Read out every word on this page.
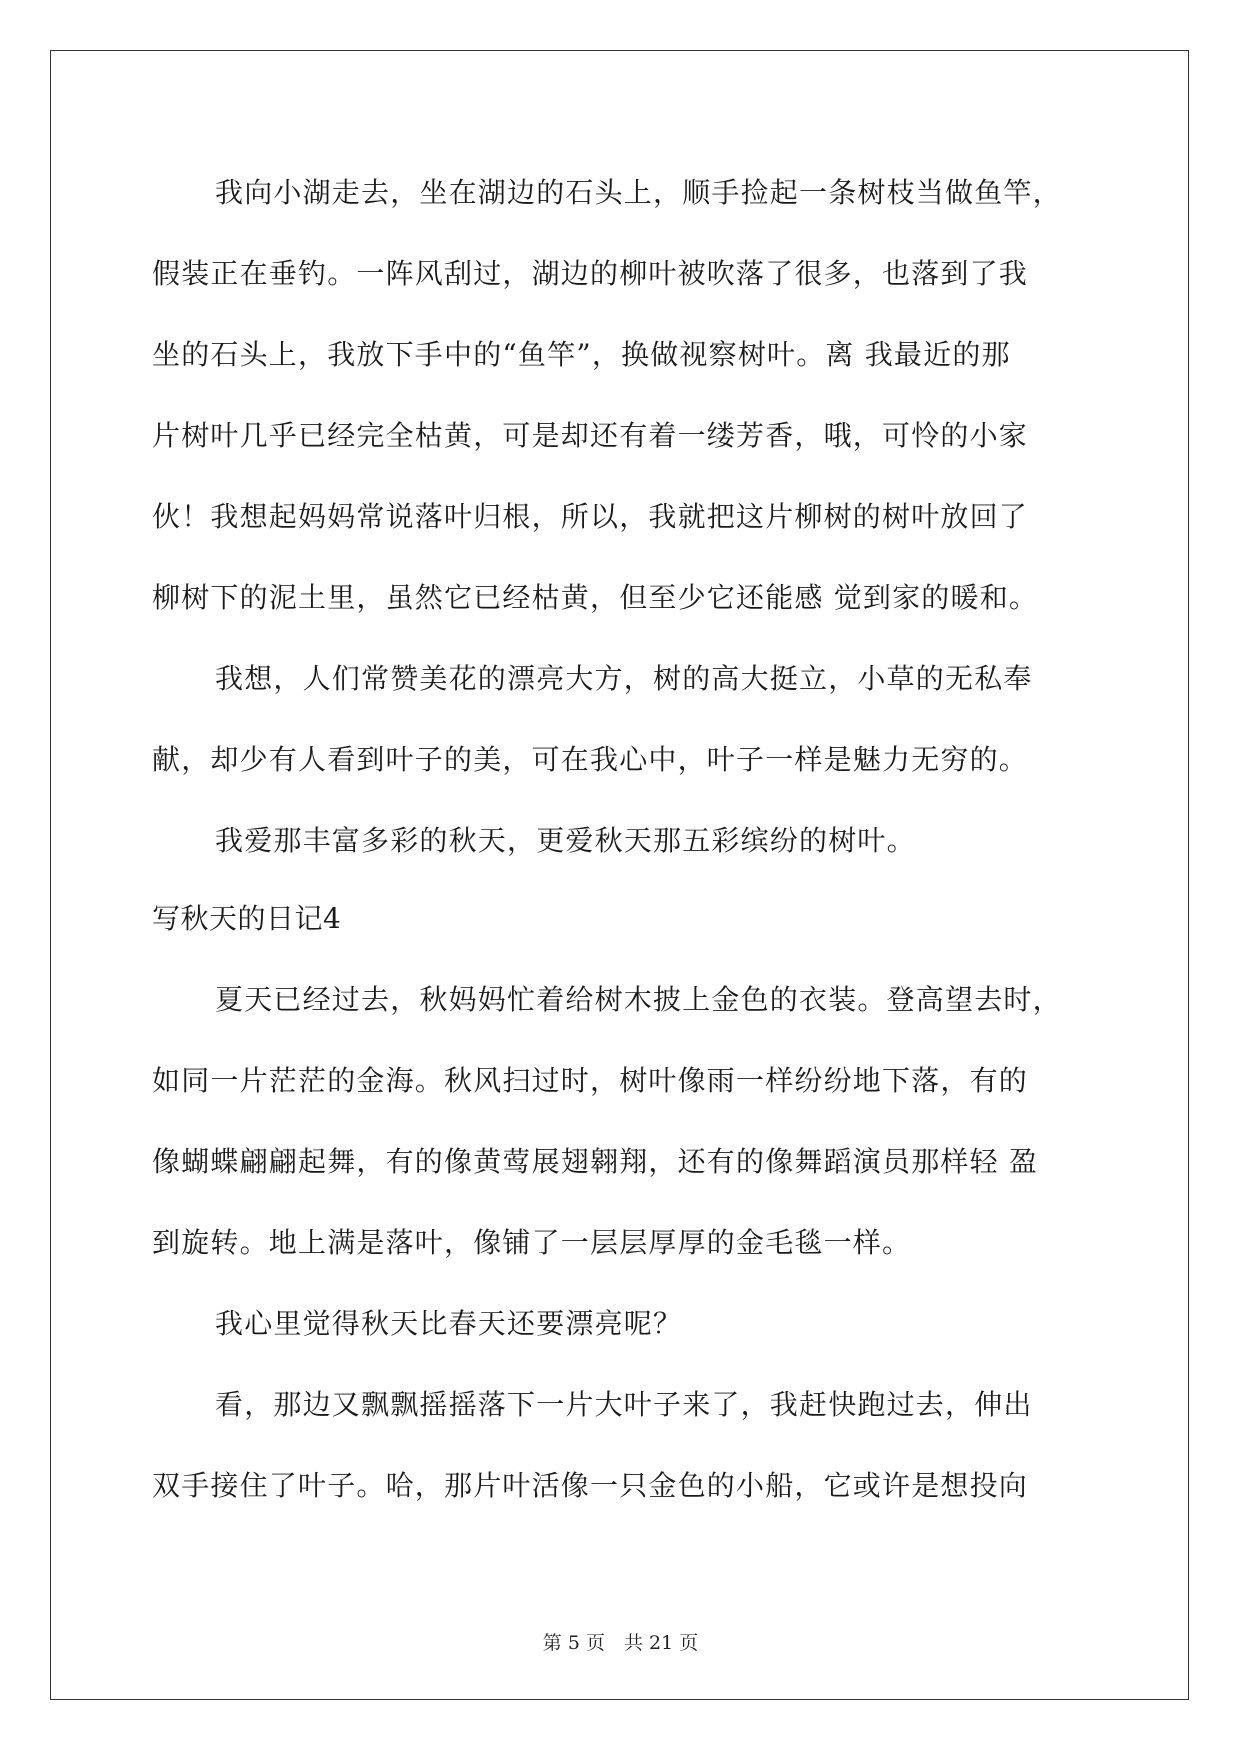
我向小湖走去，坐在湖边的石头上，顺手捡起一条树枝当做鱼竿，
假装正在垂钓。一阵风刮过，湖边的柳叶被吹落了很多，也落到了我
坐的石头上，我放下手中的“鱼竿”，换做视察树叶。离 我最近的那
片树叶几乎已经完全枯黄，可是却还有着一缕芳香，哦，可怜的小家
伙！我想起妈妈常说落叶归根，所以，我就把这片柳树的树叶放回了
柳树下的泥土里，虽然它已经枯黄，但至少它还能感 觉到家的暖和。
我想，人们常赞美花的漂亮大方，树的高大挺立，小草的无私奉
献，却少有人看到叶子的美，可在我心中，叶子一样是魅力无穷的。
我爱那丰富多彩的秋天，更爱秋天那五彩缤纷的树叶。
写秋天的日记4
夏天已经过去，秋妈妈忙着给树木披上金色的衣装。登高望去时，
如同一片茫茫的金海。秋风扫过时，树叶像雨一样纷纷地下落，有的
像蝴蝶翩翩起舞，有的像黄莺展翅翱翔，还有的像舞蹈演员那样轻 盈
到旋转。地上满是落叶，像铺了一层层厚厚的金毛毯一样。
我心里觉得秋天比春天还要漂亮呢？
看，那边又飘飘摇摇落下一片大叶子来了，我赶快跑过去，伸出
双手接住了叶子。哈，那片叶活像一只金色的小船，它或许是想投向
第 5 页　共 21 页
